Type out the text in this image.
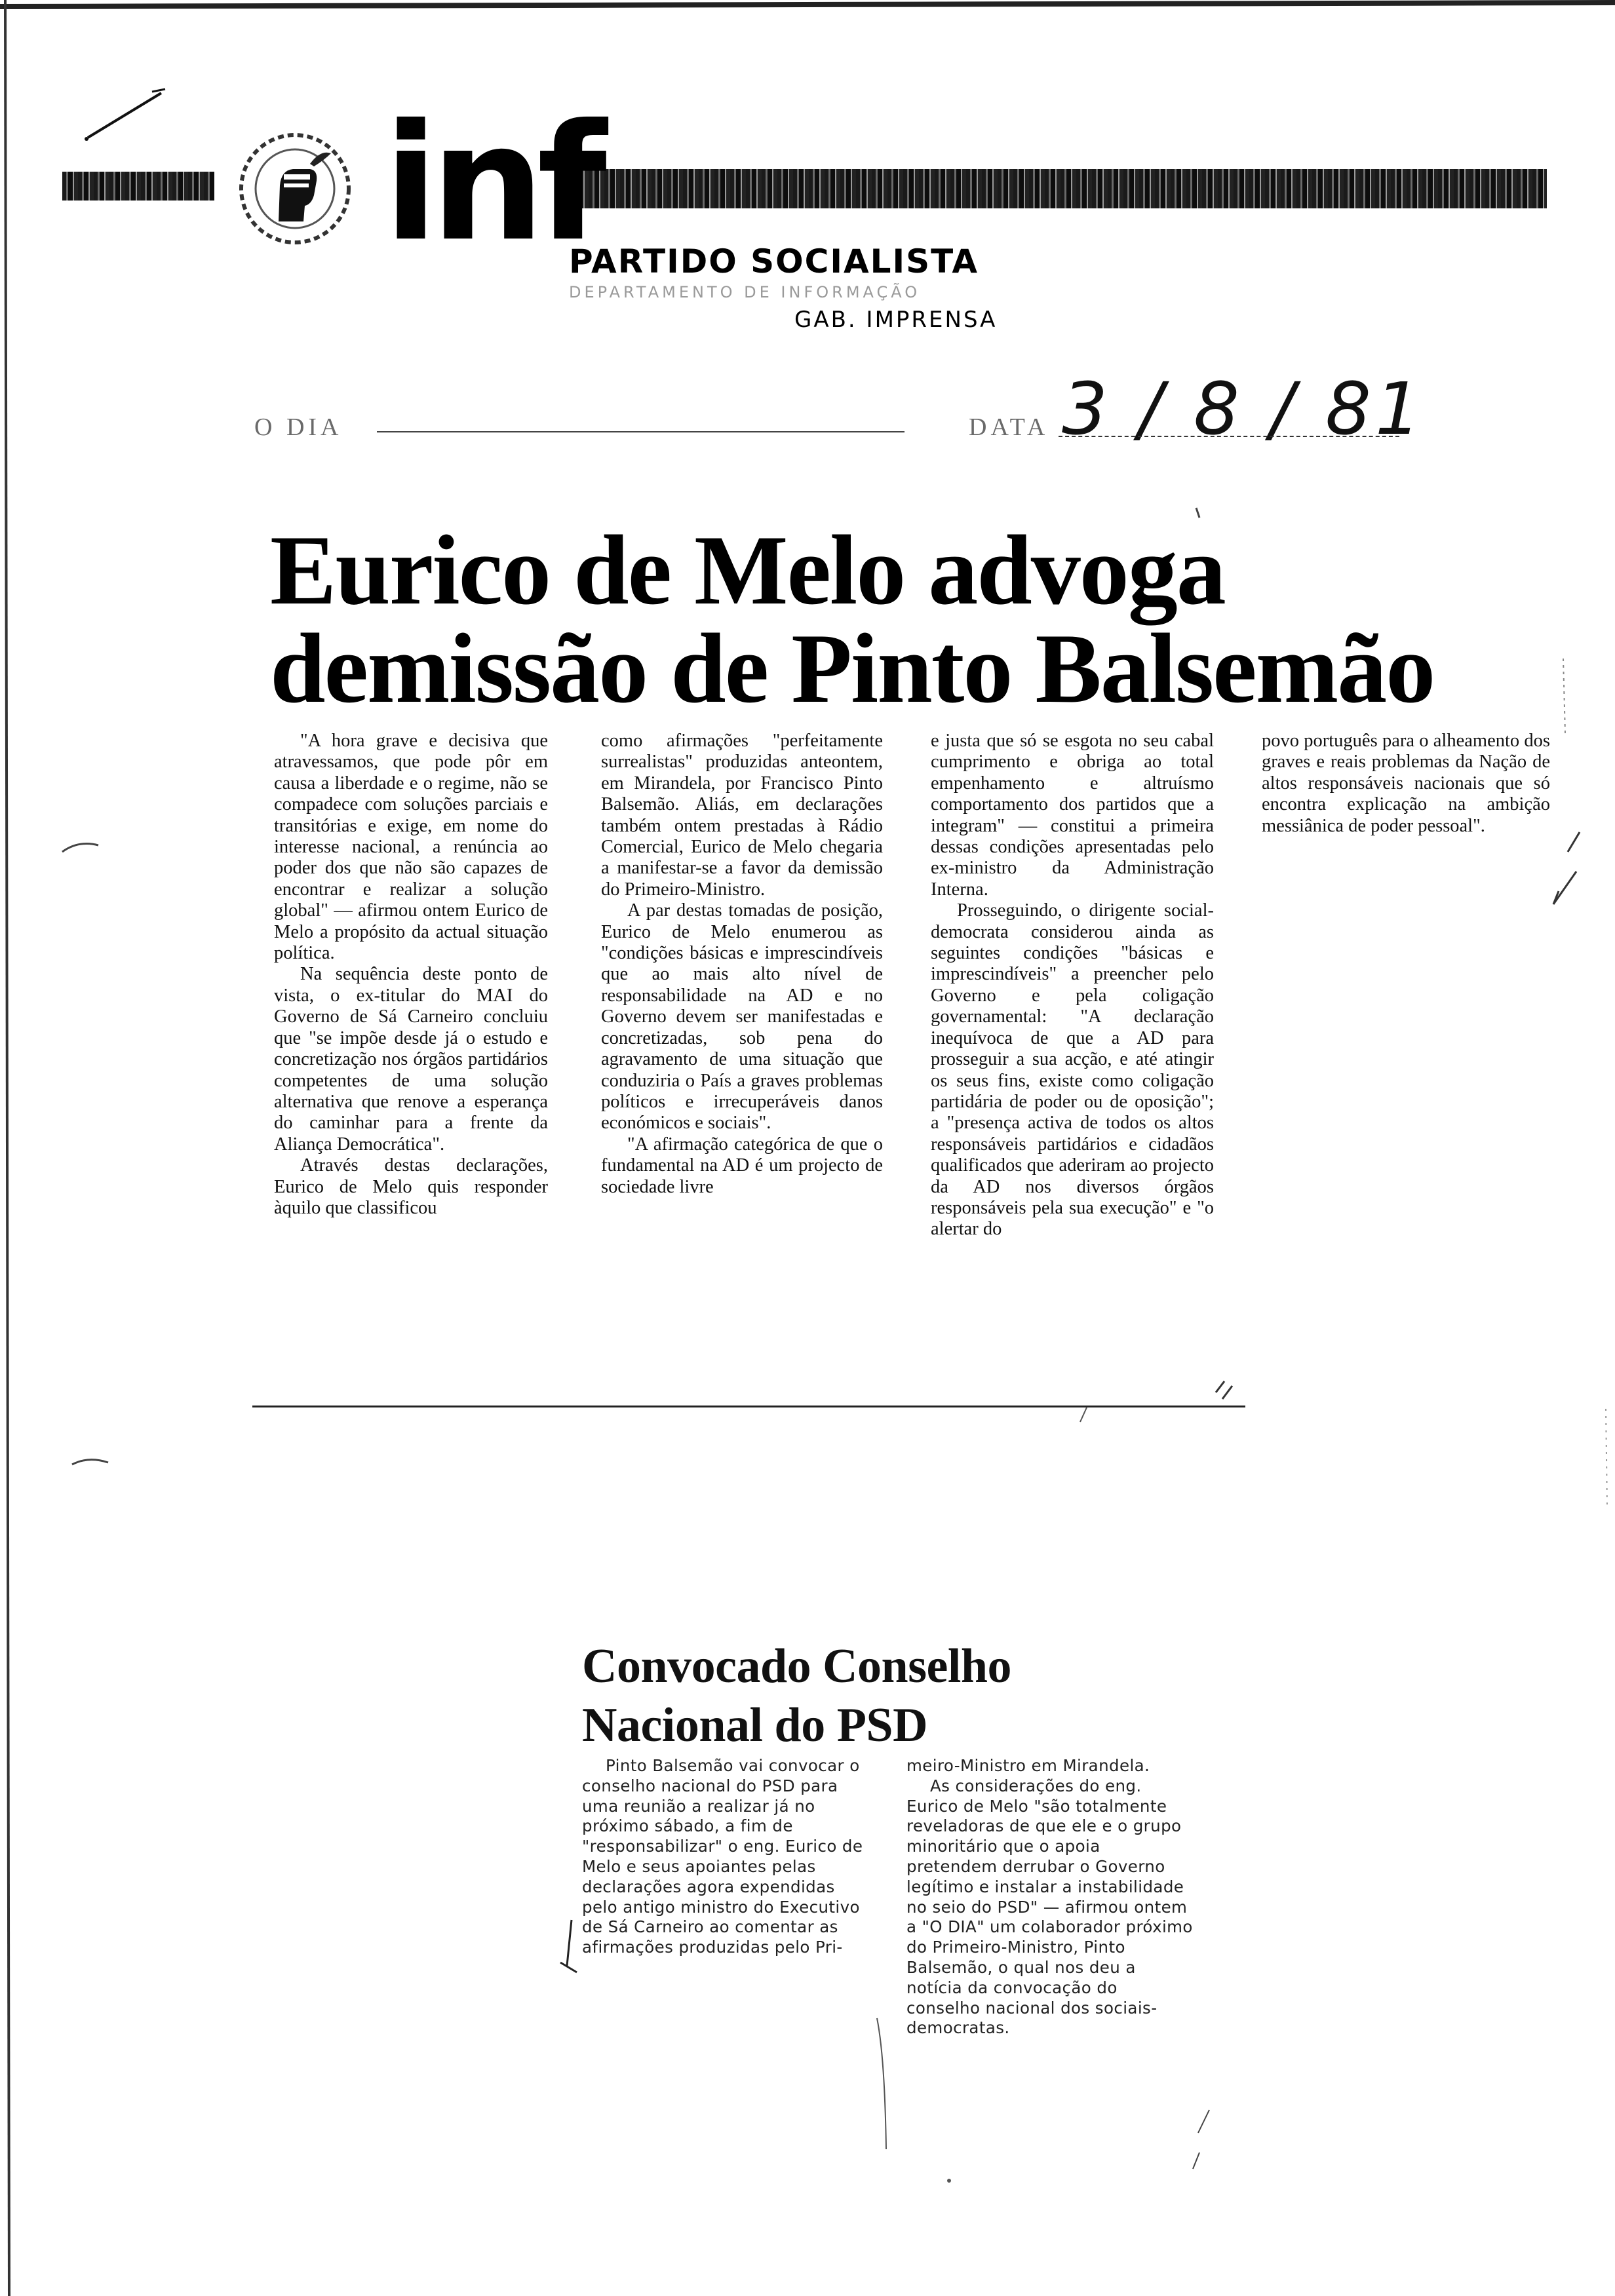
inf
PARTIDO SOCIALISTA
DEPARTAMENTO DE INFORMAÇÃO
GAB. IMPRENSA
O DIA	DATA 3 / 8 / 81
Eurico de Melo advoga
demissão de Pinto Balsemão

"A hora grave e decisiva que atravessamos, que pode pôr em causa a liberdade e o regime, não se compadece com soluções parciais e transitórias e exige, em nome do interesse nacional, a renúncia ao poder dos que não são capazes de encontrar e realizar a solução global" — afirmou ontem Eurico de Melo a propósito da actual situação política.

Na sequência deste ponto de vista, o ex-titular do MAI do Governo de Sá Carneiro concluiu que "se impõe desde já o estudo e concretização nos órgãos partidários competentes de uma solução alternativa que renove a esperança do caminhar para a frente da Aliança Democrática".

Através destas declarações, Eurico de Melo quis responder àquilo que classificou

como afirmações "perfeitamente surrealistas" produzidas anteontem, em Mirandela, por Francisco Pinto Balsemão. Aliás, em declarações também ontem prestadas à Rádio Comercial, Eurico de Melo chegaria a manifestar-se a favor da demissão do Primeiro-Ministro.

A par destas tomadas de posição, Eurico de Melo enumerou as "condições básicas e imprescindíveis que ao mais alto nível de responsabilidade na AD e no Governo devem ser manifestadas e concretizadas, sob pena do agravamento de uma situação que conduziria o País a graves problemas políticos e irrecuperáveis danos económicos e sociais".

"A afirmação categórica de que o fundamental na AD é um projecto de sociedade livre

e justa que só se esgota no seu cabal cumprimento e obriga ao total empenhamento e altruísmo comportamento dos partidos que a integram" — constitui a primeira dessas condições apresentadas pelo ex-ministro da Administração Interna.

Prosseguindo, o dirigente social-democrata considerou ainda as seguintes condições "básicas e imprescindíveis" a preencher pelo Governo e pela coligação governamental: "A declaração inequívoca de que a AD para prosseguir a sua acção, e até atingir os seus fins, existe como coligação partidária de poder ou de oposição"; a "presença activa de todos os altos responsáveis partidários e cidadãos qualificados que aderiram ao projecto da AD nos diversos órgãos responsáveis pela sua execução" e "o alertar do

povo português para o alheamento dos graves e reais problemas da Nação de altos responsáveis nacionais que só encontra explicação na ambição messiânica de poder pessoal".

Convocado Conselho
Nacional do PSD

Pinto Balsemão vai convocar o conselho nacional do PSD para uma reunião a realizar já no próximo sábado, a fim de "responsabilizar" o eng. Eurico de Melo e seus apoiantes pelas declarações agora expendidas pelo antigo ministro do Executivo de Sá Carneiro ao comentar as afirmações produzidas pelo Pri-

meiro-Ministro em Mirandela.

As considerações do eng. Eurico de Melo "são totalmente reveladoras de que ele e o grupo minoritário que o apoia pretendem derrubar o Governo legítimo e instalar a instabilidade no seio do PSD" — afirmou ontem a "O DIA" um colaborador próximo do Primeiro-Ministro, Pinto Balsemão, o qual nos deu a notícia da convocação do conselho nacional dos sociais-democratas.
